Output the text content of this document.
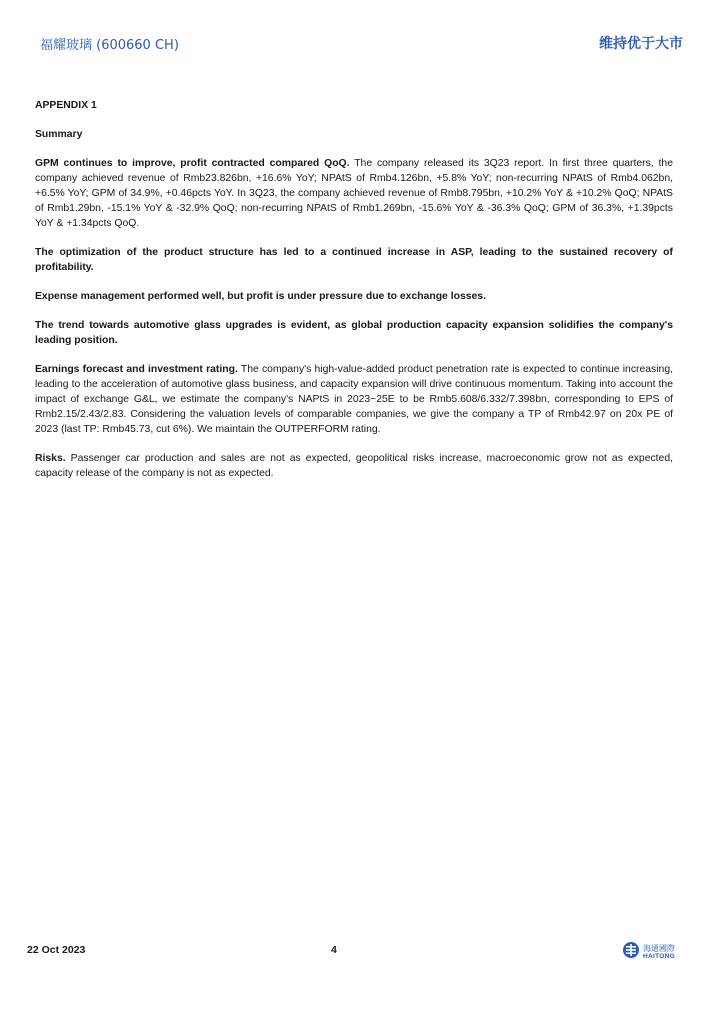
福耀玻璃 (600660 CH)	维持优于大市

APPENDIX 1

Summary

GPM continues to improve, profit contracted compared QoQ. The company released its 3Q23 report. In first three quarters, the company achieved revenue of Rmb23.826bn, +16.6% YoY; NPAtS of Rmb4.126bn, +5.8% YoY; non-recurring NPAtS of Rmb4.062bn, +6.5% YoY; GPM of 34.9%, +0.46pcts YoY. In 3Q23, the company achieved revenue of Rmb8.795bn, +10.2% YoY & +10.2% QoQ; NPAtS of Rmb1.29bn, -15.1% YoY & -32.9% QoQ; non-recurring NPAtS of Rmb1.269bn, -15.6% YoY & -36.3% QoQ; GPM of 36.3%, +1.39pcts YoY & +1.34pcts QoQ.

The optimization of the product structure has led to a continued increase in ASP, leading to the sustained recovery of profitability.

Expense management performed well, but profit is under pressure due to exchange losses.

The trend towards automotive glass upgrades is evident, as global production capacity expansion solidifies the company's leading position.

Earnings forecast and investment rating. The company's high-value-added product penetration rate is expected to continue increasing, leading to the acceleration of automotive glass business, and capacity expansion will drive continuous momentum. Taking into account the impact of exchange G&L, we estimate the company's NAPtS in 2023~25E to be Rmb5.608/6.332/7.398bn, corresponding to EPS of Rmb2.15/2.43/2.83. Considering the valuation levels of comparable companies, we give the company a TP of Rmb42.97 on 20x PE of 2023 (last TP: Rmb45.73, cut 6%). We maintain the OUTPERFORM rating.

Risks. Passenger car production and sales are not as expected, geopolitical risks increase, macroeconomic grow not as expected, capacity release of the company is not as expected.

22 Oct 2023	4	海通國際
HAITONG
